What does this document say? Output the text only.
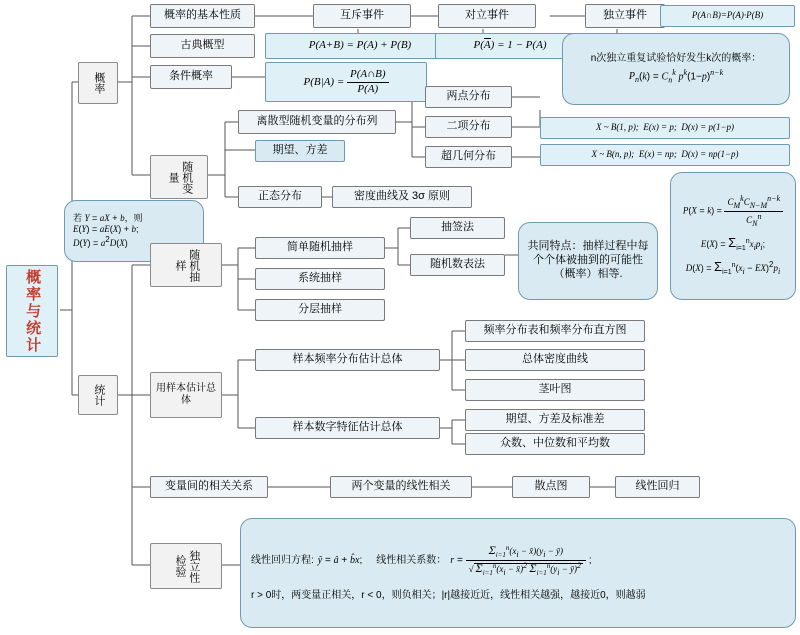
概率与统计
概率
统计
概率的基本性质
古典概型
条件概率
互斥事件	对立事件	独立事件
P(A+B) = P(A) + P(B)	P(A) = 1 − P(A)
P(A∩B)=P(A)·P(B)
$P(B|A) = \frac{P(A\cap B)}{P(A)}$
n次独立重复试验恰好发生k次的概率：
$P_n(k) = C_n^k$ $p^k(1-p)^{n-k}$
随机变量
离散型随机变量的分布列
期望、方差
正态分布	密度曲线及 3σ 原则
两点分布
二项分布
超几何分布
X ~ B(1, p);  E(x) = p;  D(x) = p(1−p)
X ~ B(n, p);  E(x) = np;  D(x) = np(1−p)
$P(X = k) = \frac{C_M^kC_{N-M}^{n-k}}{C_N^n}$
$E(X) = \Sigma_{i=1}^nx_ip_i$;
$D(X) = \Sigma_{i=1}^n(x_i - EX)^2p_i$
若 Y = aX + b，则
E(Y) = aE(X) + b;
$D(Y) = a^2D(X)$
随机抽样
简单随机抽样
系统抽样
分层抽样
抽签法
随机数表法
共同特点：抽样过程中每个个体被抽到的可能性（概率）相等.
用样本估计总体
样本频率分布估计总体
样本数字特征估计总体
频率分布表和频率分布直方图
总体密度曲线
茎叶图
期望、方差及标准差
众数、中位数和平均数
变量间的相关关系	两个变量的线性相关	散点图	线性回归
独立性检验	线性回归方程: ŷ = â + b̂x; 线性相关系数： $r = \frac{\Sigma_{i=1}^n(x_i - x̄)(y_i - ȳ)}{√ \Sigma_{i=1}^n(x_i - x̄)^2 \Sigma_{i=1}^n(y_i - ȳ)^2}$ ;
r > 0时，两变量正相关，r < 0，则负相关；|r|越接近近，线性相关越强，越接近0，则越弱
